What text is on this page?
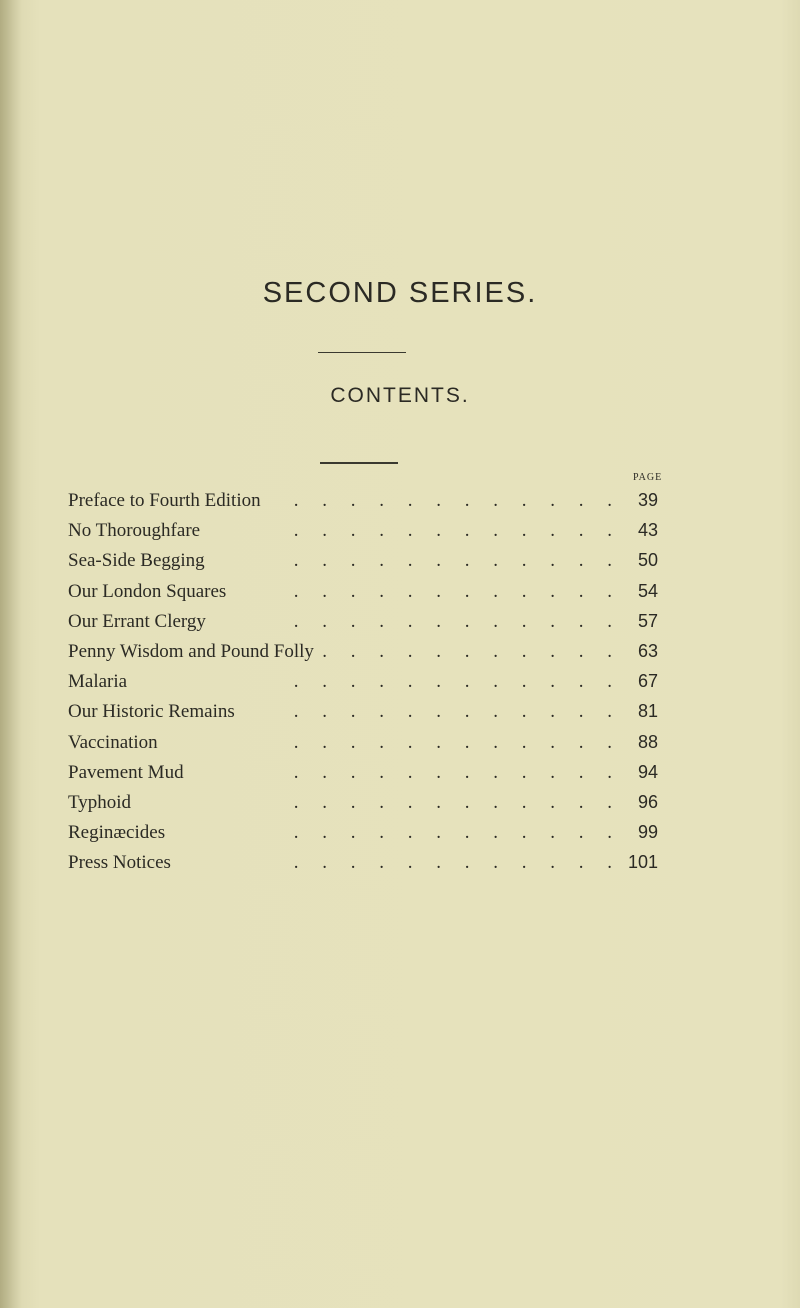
SECOND SERIES.
CONTENTS.
PAGE
Preface to Fourth Edition .	39
No Thoroughfare .	43
Sea-Side Begging .	50
Our London Squares .	54
Our Errant Clergy .	57
Penny Wisdom and Pound Folly .	63
Malaria .	67
Our Historic Remains .	81
Vaccination .	88
Pavement Mud .	94
Typhoid .	96
Reginæcides .	99
Press Notices .	101
